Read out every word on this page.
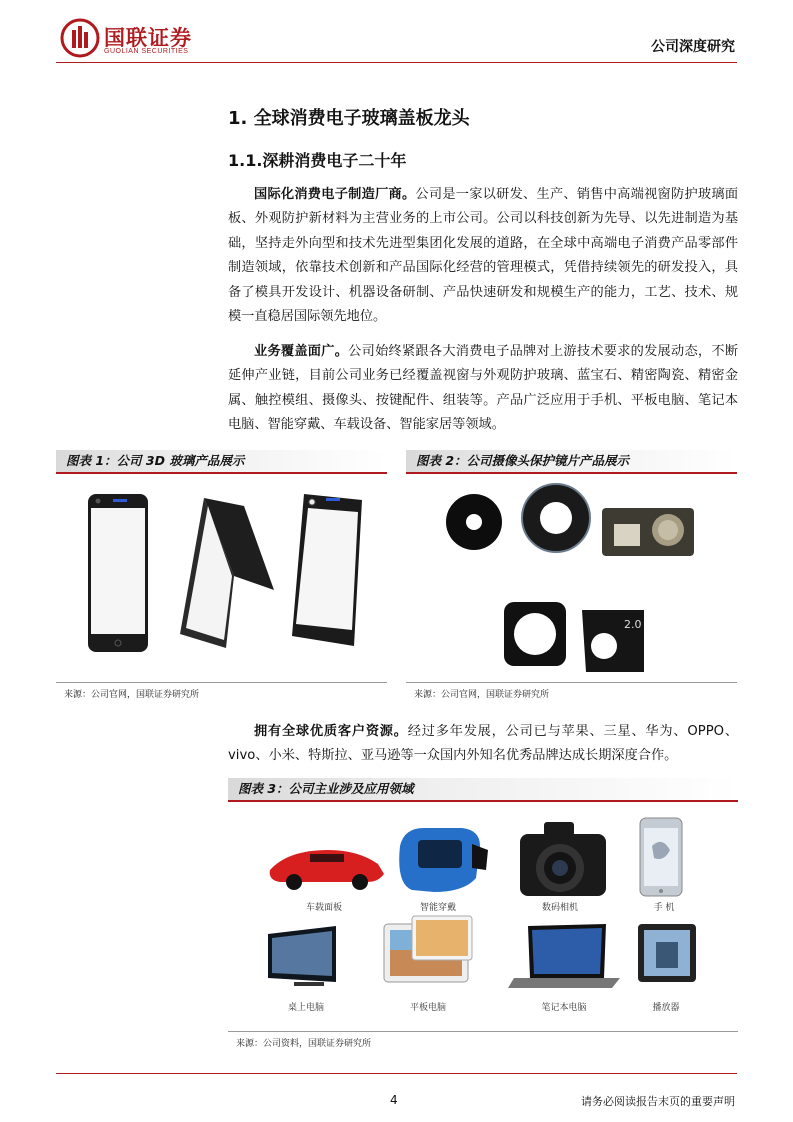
国联证券
GUOLIAN SECURITIES	公司深度研究
1. 全球消费电子玻璃盖板龙头
1.1.深耕消费电子二十年
国际化消费电子制造厂商。公司是一家以研发、生产、销售中高端视窗防护玻璃面板、外观防护新材料为主营业务的上市公司。公司以科技创新为先导、以先进制造为基础，坚持走外向型和技术先进型集团化发展的道路，在全球中高端电子消费产品零部件制造领域，依靠技术创新和产品国际化经营的管理模式，凭借持续领先的研发投入，具备了模具开发设计、机器设备研制、产品快速研发和规模生产的能力，工艺、技术、规模一直稳居国际领先地位。
业务覆盖面广。公司始终紧跟各大消费电子品牌对上游技术要求的发展动态，不断延伸产业链，目前公司业务已经覆盖视窗与外观防护玻璃、蓝宝石、精密陶瓷、精密金属、触控模组、摄像头、按键配件、组装等。产品广泛应用于手机、平板电脑、笔记本电脑、智能穿戴、车载设备、智能家居等领域。
图表 1：公司 3D 玻璃产品展示
来源：公司官网，国联证券研究所
图表 2：公司摄像头保护镜片产品展示
2.0
来源：公司官网，国联证券研究所
拥有全球优质客户资源。经过多年发展，公司已与苹果、三星、华为、OPPO、vivo、小米、特斯拉、亚马逊等一众国内外知名优秀品牌达成长期深度合作。
图表 3：公司主业涉及应用领域
车载面板	智能穿戴	数码相机	手 机
桌上电脑	平板电脑	笔记本电脑	播放器
来源：公司资料，国联证券研究所
4	请务必阅读报告末页的重要声明
